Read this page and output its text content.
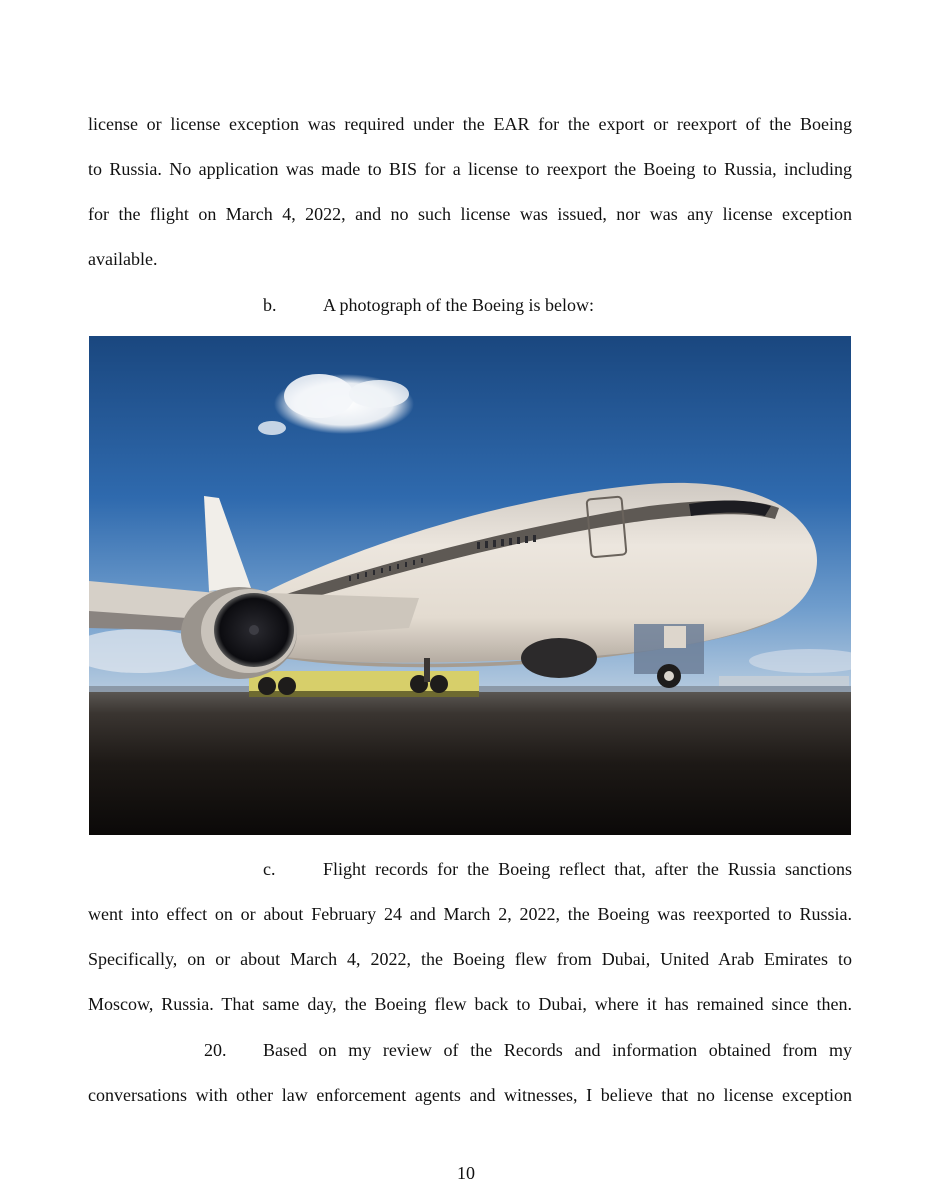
license or license exception was required under the EAR for the export or reexport of the Boeing
to Russia. No application was made to BIS for a license to reexport the Boeing to Russia, including
for the flight on March 4, 2022, and no such license was issued, nor was any license exception
available.
b.	A photograph of the Boeing is below:
c.	Flight records for the Boeing reflect that, after the Russia sanctions
went into effect on or about February 24 and March 2, 2022, the Boeing was reexported to Russia.
Specifically, on or about March 4, 2022, the Boeing flew from Dubai, United Arab Emirates to
Moscow, Russia. That same day, the Boeing flew back to Dubai, where it has remained since then.
20. Based on my review of the Records and information obtained from my
conversations with other law enforcement agents and witnesses, I believe that no license exception
10
